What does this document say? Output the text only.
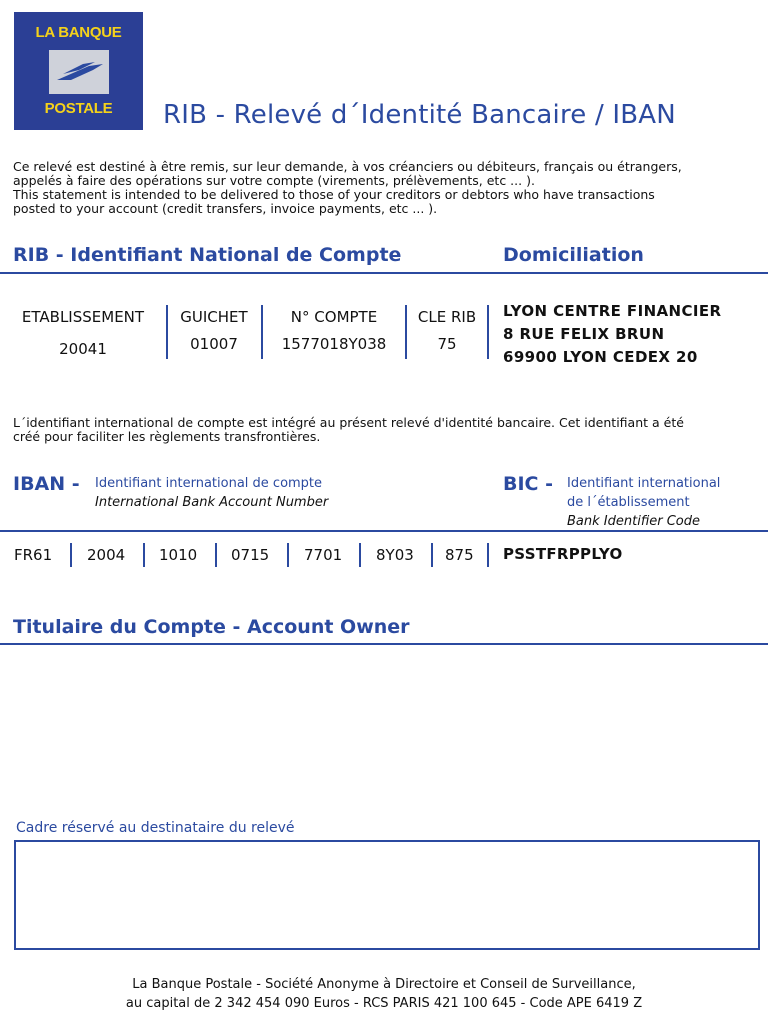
LA BANQUE
POSTALE	RIB - Relevé d´Identité Bancaire / IBAN
Ce relevé est destiné à être remis, sur leur demande, à vos créanciers ou débiteurs, français ou étrangers,
appelés à faire des opérations sur votre compte (virements, prélèvements, etc ... ).
This statement is intended to be delivered to those of your creditors or debtors who have transactions
posted to your account (credit transfers, invoice payments, etc ... ).
RIB - Identifiant National de Compte	Domiciliation
ETABLISSEMENT
20041
GUICHET
01007
N° COMPTE
1577018Y038
CLE RIB
75
LYON CENTRE FINANCIER
8 RUE FELIX BRUN
69900 LYON CEDEX 20
L´identifiant international de compte est intégré au présent relevé d'identité bancaire. Cet identifiant a été
créé pour faciliter les règlements transfrontières.
IBAN - Identifiant international de compte
International Bank Account Number
BIC - Identifiant international
de l´établissement
Bank Identifier Code
FR61 2004 1010 0715 7701 8Y03 875 PSSTFRPPLYO
Titulaire du Compte - Account Owner
Cadre réservé au destinataire du relevé
La Banque Postale - Société Anonyme à Directoire et Conseil de Surveillance,
au capital de 2 342 454 090 Euros - RCS PARIS 421 100 645 - Code APE 6419 Z
